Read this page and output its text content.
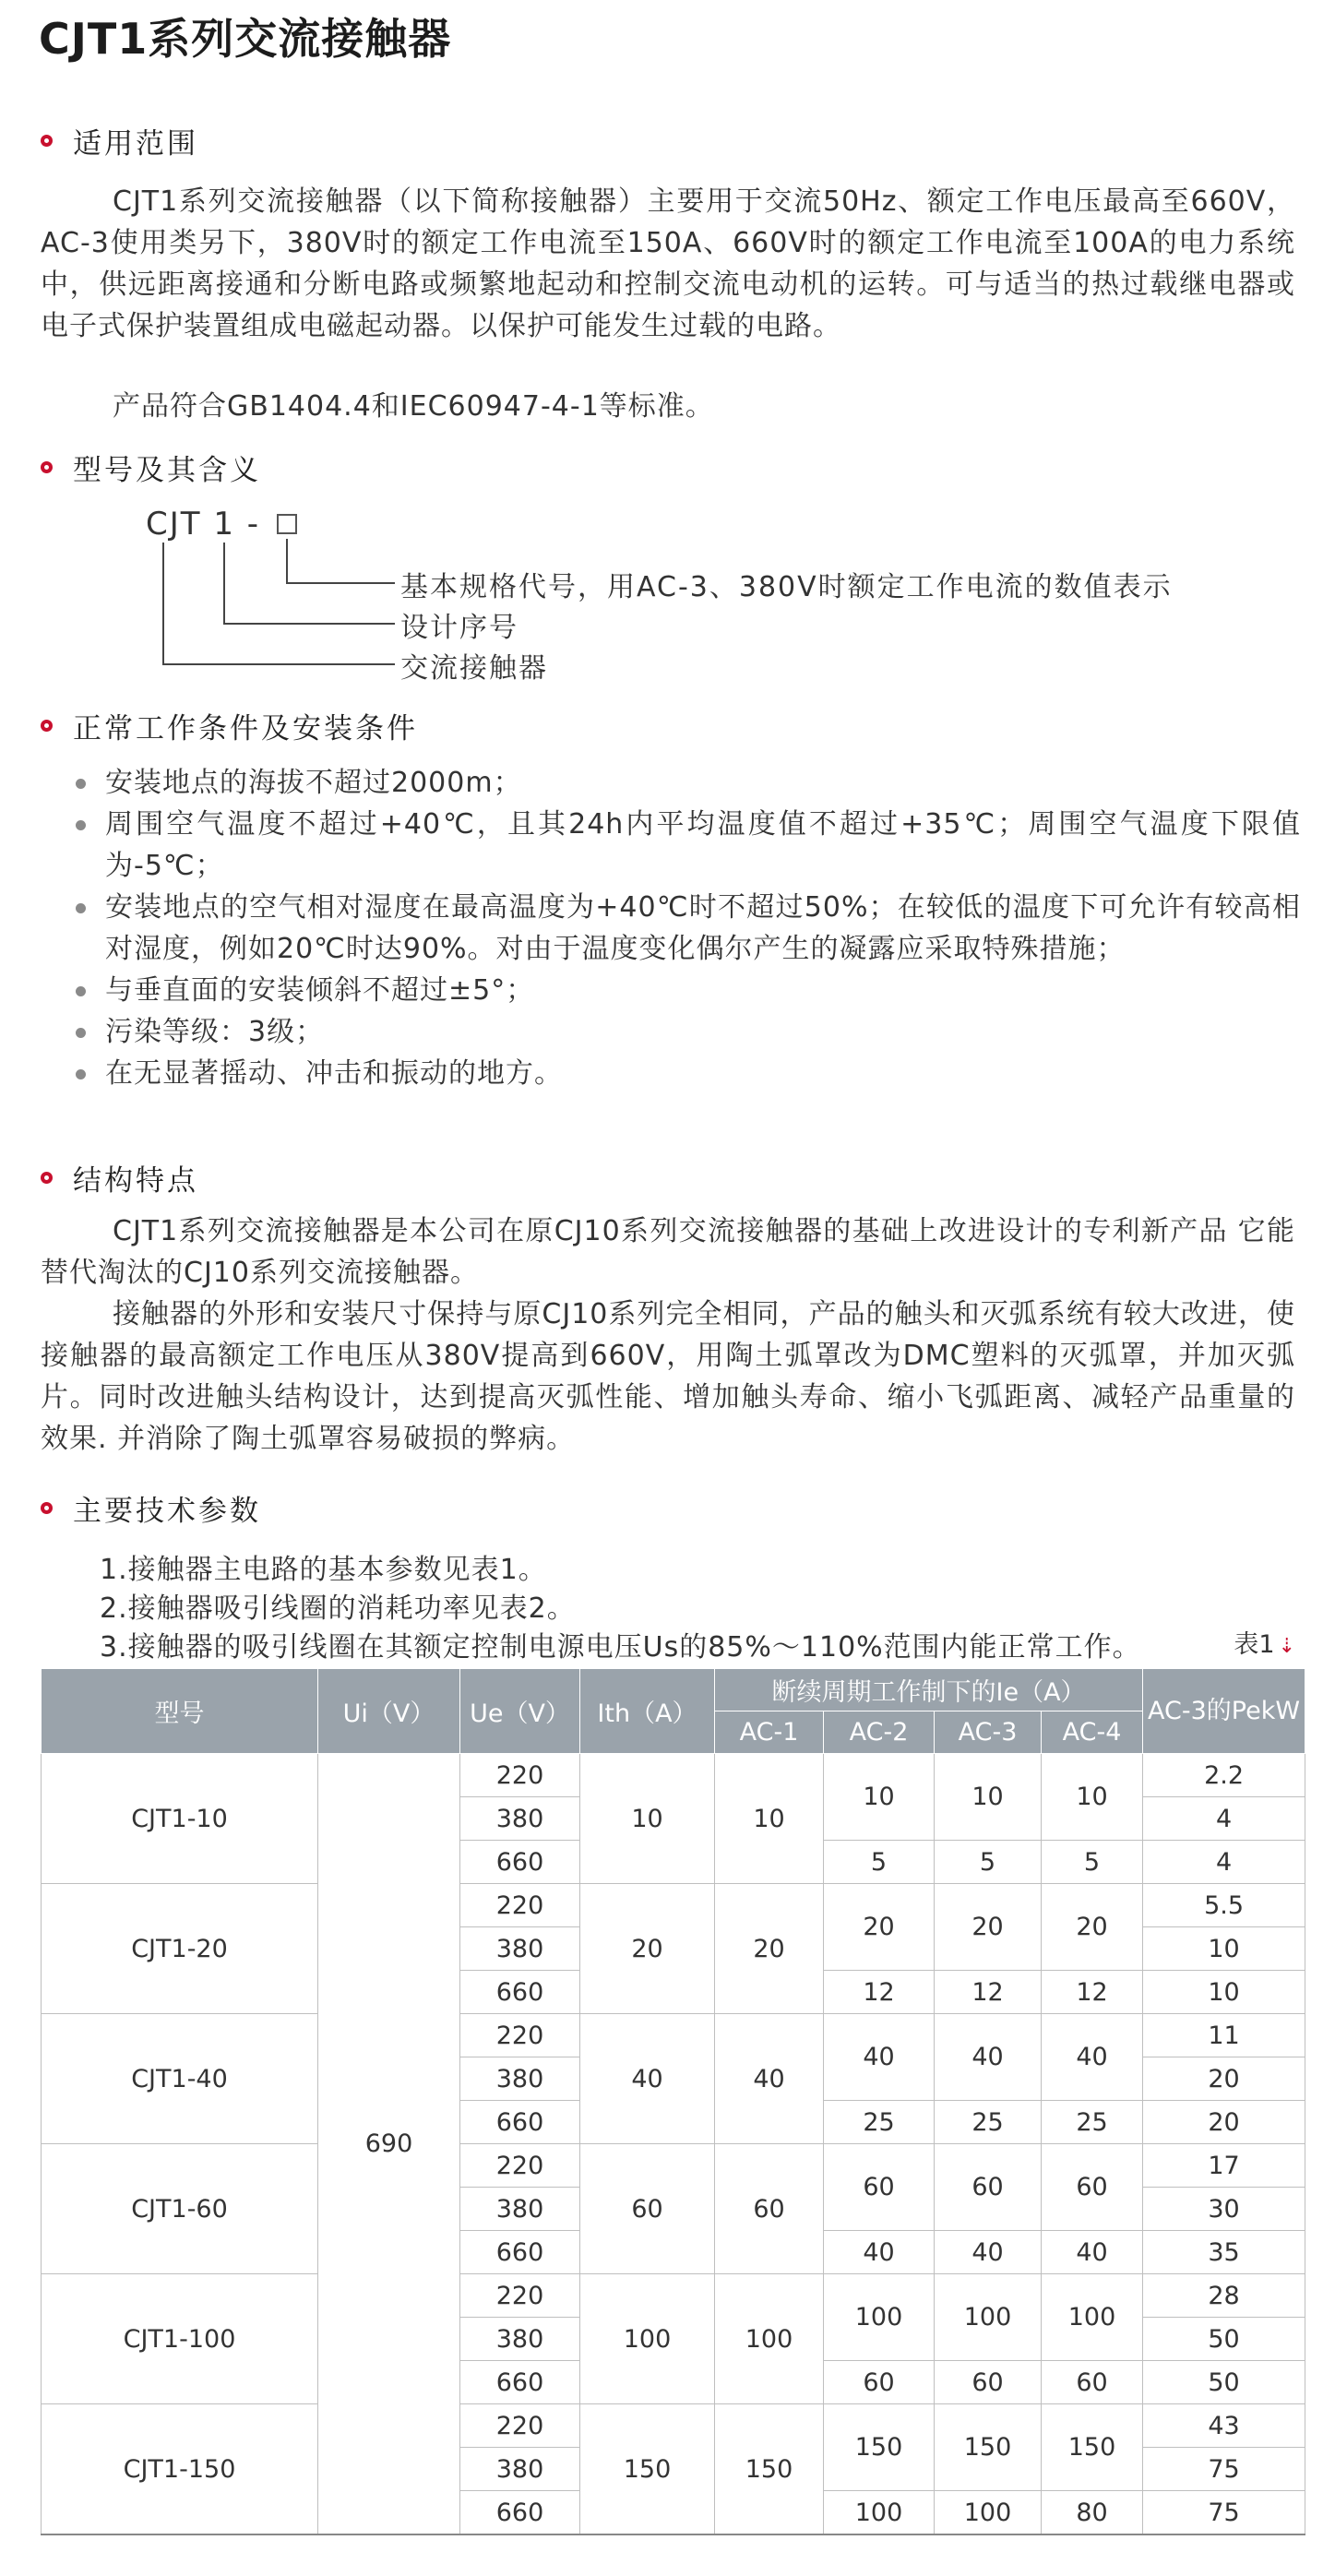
CJT1系列交流接触器
适用范围

CJT1系列交流接触器（以下简称接触器）主要用于交流50Hz、额定工作电压最高至660V，AC-3使用类另下，380V时的额定工作电流至150A、660V时的额定工作电流至100A的电力系统中，供远距离接通和分断电路或频繁地起动和控制交流电动机的运转。可与适当的热过载继电器或电子式保护装置组成电磁起动器。以保护可能发生过载的电路。

产品符合GB1404.4和IEC60947-4-1等标准。

型号及其含义
CJT 1 -
基本规格代号，用AC-3、380V时额定工作电流的数值表示
设计序号
交流接触器
正常工作条件及安装条件
安装地点的海拔不超过2000m；
周围空气温度不超过+40℃，且其24h内平均温度值不超过+35℃；周围空气温度下限值为-5℃；
安装地点的空气相对湿度在最高温度为+40℃时不超过50%；在较低的温度下可允许有较高相对湿度，例如20℃时达90%。对由于温度变化偶尔产生的凝露应采取特殊措施；
与垂直面的安装倾斜不超过±5°；
污染等级：3级；
在无显著摇动、冲击和振动的地方。
结构特点

CJT1系列交流接触器是本公司在原CJ10系列交流接触器的基础上改进设计的专利新产品 它能替代淘汰的CJ10系列交流接触器。

接触器的外形和安装尺寸保持与原CJ10系列完全相同，产品的触头和灭弧系统有较大改进，使接触器的最高额定工作电压从380V提高到660V，用陶土弧罩改为DMC塑料的灭弧罩，并加灭弧片。同时改进触头结构设计，达到提高灭弧性能、增加触头寿命、缩小飞弧距离、减轻产品重量的效果. 并消除了陶土弧罩容易破损的弊病。

主要技术参数

1.接触器主电路的基本参数见表1。

2.接触器吸引线圈的消耗功率见表2。

3.接触器的吸引线圈在其额定控制电源电压Us的85%～110%范围内能正常工作。	表1 ⇣
型号	Ui（V）	Ue（V）	Ith（A）	断续周期工作制下的Ie（A）				AC-3的PekW
				AC-1	AC-2	AC-3	AC-4	
CJT1-10	690	220	10	10	10	10	10	2.2
		380						4
		660			5	5	5	4
CJT1-20		220	20	20	20	20	20	5.5
		380						10
		660			12	12	12	10
CJT1-40		220	40	40	40	40	40	11
		380						20
		660			25	25	25	20
CJT1-60		220	60	60	60	60	60	17
		380						30
		660			40	40	40	35
CJT1-100		220	100	100	100	100	100	28
		380						50
		660			60	60	60	50
CJT1-150		220	150	150	150	150	150	43
		380						75
		660			100	100	80	75
